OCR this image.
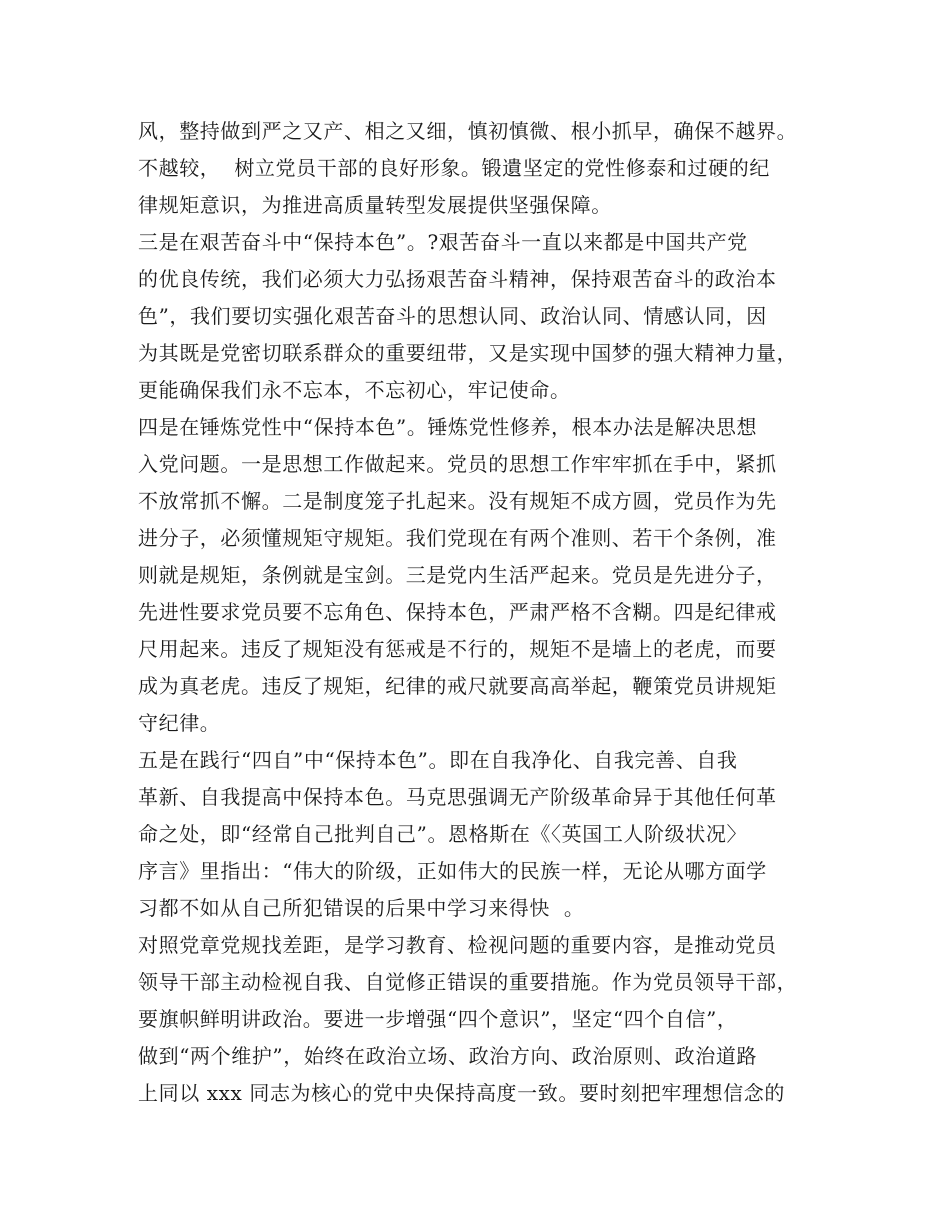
风，整持做到严之又产、相之又细，慎初慎微、根小抓早，确保不越界。
不越较，  树立党员干部的良好形象。锻遺坚定的党性修泰和过硬的纪
律规矩意识，为推进高质量转型发展提供坚强保障。
三是在艰苦奋斗中“保持本色”。?艰苦奋斗一直以来都是中国共产党
的优良传统，我们必须大力弘扬艰苦奋斗精神，保持艰苦奋斗的政治本
色”，我们要切实强化艰苦奋斗的思想认同、政治认同、情感认同，因
为其既是党密切联系群众的重要纽带，又是实现中国梦的强大精神力量，
更能确保我们永不忘本，不忘初心，牢记使命。
四是在锤炼党性中“保持本色”。锤炼党性修养，根本办法是解决思想
入党问题。一是思想工作做起来。党员的思想工作牢牢抓在手中，紧抓
不放常抓不懈。二是制度笼子扎起来。没有规矩不成方圆，党员作为先
进分子，必须懂规矩守规矩。我们党现在有两个准则、若干个条例，准
则就是规矩，条例就是宝剑。三是党内生活严起来。党员是先进分子，
先进性要求党员要不忘角色、保持本色，严肃严格不含糊。四是纪律戒
尺用起来。违反了规矩没有惩戒是不行的，规矩不是墙上的老虎，而要
成为真老虎。违反了规矩，纪律的戒尺就要高高举起，鞭策党员讲规矩
守纪律。
五是在践行“四自”中“保持本色”。即在自我净化、自我完善、自我
革新、自我提高中保持本色。马克思强调无产阶级革命异于其他任何革
命之处，即“经常自己批判自己”。恩格斯在《〈英国工人阶级状况〉
序言》里指出：“伟大的阶级，正如伟大的民族一样，无论从哪方面学
习都不如从自己所犯错误的后果中学习来得快  。
对照党章党规找差距，是学习教育、检视问题的重要内容，是推动党员
领导干部主动检视自我、自觉修正错误的重要措施。作为党员领导干部，
要旗帜鲜明讲政治。要进一步增强“四个意识”，坚定“四个自信”，
做到“两个维护”，始终在政治立场、政治方向、政治原则、政治道路
上同以 xxx 同志为核心的党中央保持高度一致。要时刻把牢理想信念的
